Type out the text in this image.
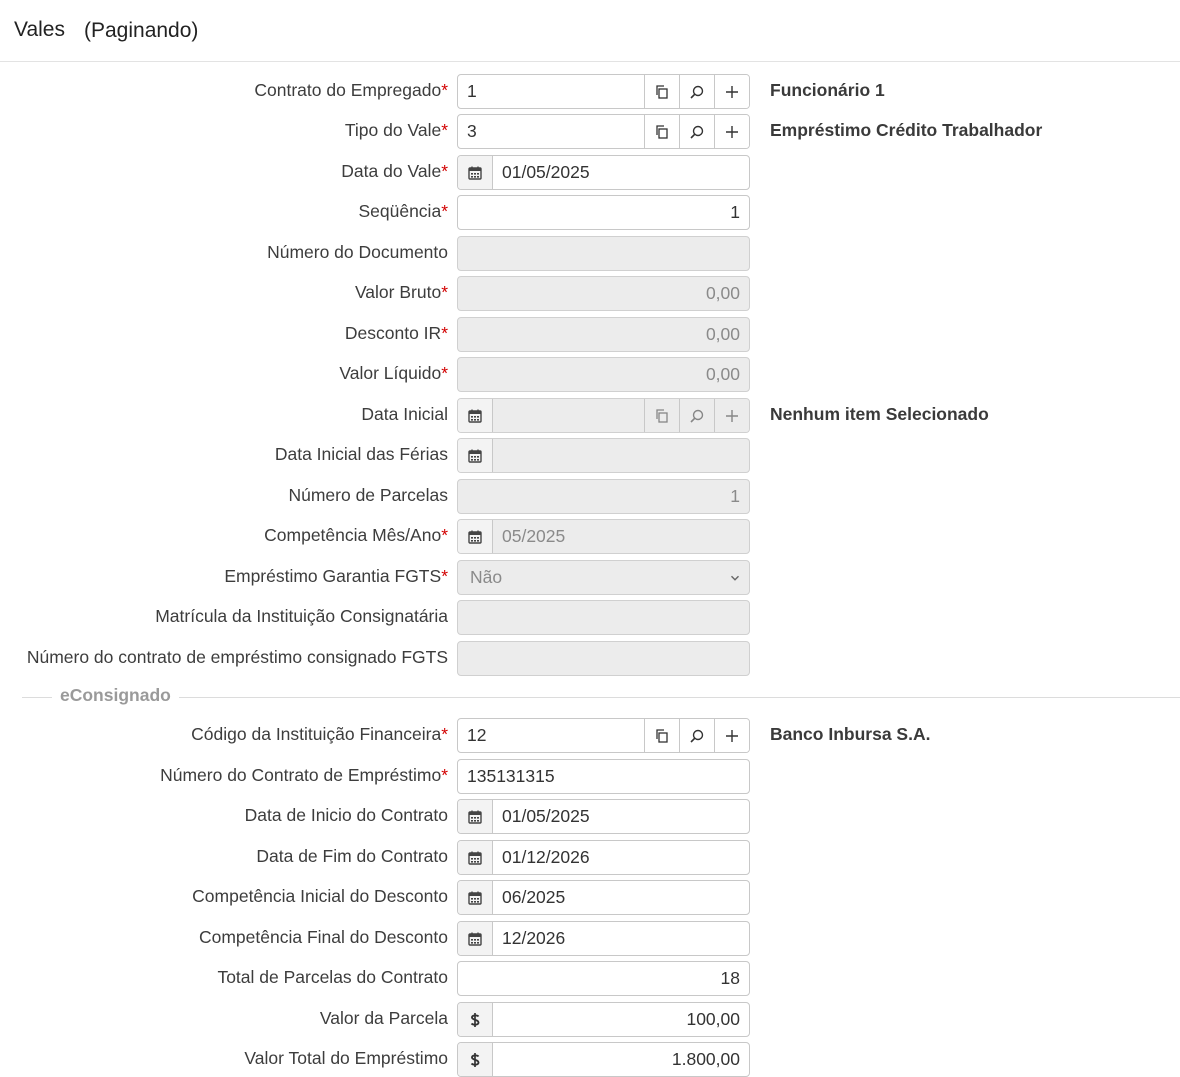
Vales (Paginando)
Contrato do Empregado*	1	Funcionário 1
Tipo do Vale*	3	Empréstimo Crédito Trabalhador
Data do Vale*	01/05/2025
Seqüência*	1
Número do Documento
Valor Bruto*	0,00
Desconto IR*	0,00
Valor Líquido*	0,00
Data Inicial	Nenhum item Selecionado
Data Inicial das Férias
Número de Parcelas	1
Competência Mês/Ano*	05/2025
Empréstimo Garantia FGTS*	Não
Matrícula da Instituição Consignatária
Número do contrato de empréstimo consignado FGTS
eConsignado
Código da Instituição Financeira*	12	Banco Inbursa S.A.
Número do Contrato de Empréstimo*	135131315
Data de Inicio do Contrato	01/05/2025
Data de Fim do Contrato	01/12/2026
Competência Inicial do Desconto	06/2025
Competência Final do Desconto	12/2026
Total de Parcelas do Contrato	18
Valor da Parcela	100,00
Valor Total do Empréstimo	1.800,00
